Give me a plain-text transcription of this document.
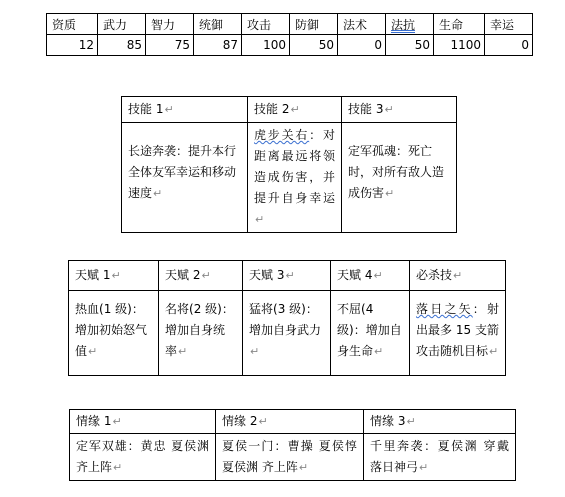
资质	武力	智力	统御	攻击	防御	法术	法抗	生命	幸运
12	85	75	87	100	50	0	50	1100	0
技能 1↵	技能 2↵	技能 3↵

长途奔袭：提升本行全体友军幸运和移动速度↵	虎步关右：对距离最远将领造成伤害，并提升自身幸运↵	定军孤魂：死亡时，对所有敌人造成伤害↵
天赋 1↵	天赋 2↵	天赋 3↵	天赋 4↵	必杀技↵

热血(1 级)：增加初始怒气值↵	名将(2 级)：增加自身统率↵	猛将(3 级)：增加自身武力↵	不屈(4 级)：增加自身生命↵	落日之矢：射出最多 15 支箭攻击随机目标↵
情缘 1↵	情缘 2↵	情缘 3↵

定军双雄：黄忠 夏侯渊 齐上阵↵	夏侯一门：曹操 夏侯惇 夏侯渊 齐上阵↵	千里奔袭：夏侯渊 穿戴 落日神弓↵
